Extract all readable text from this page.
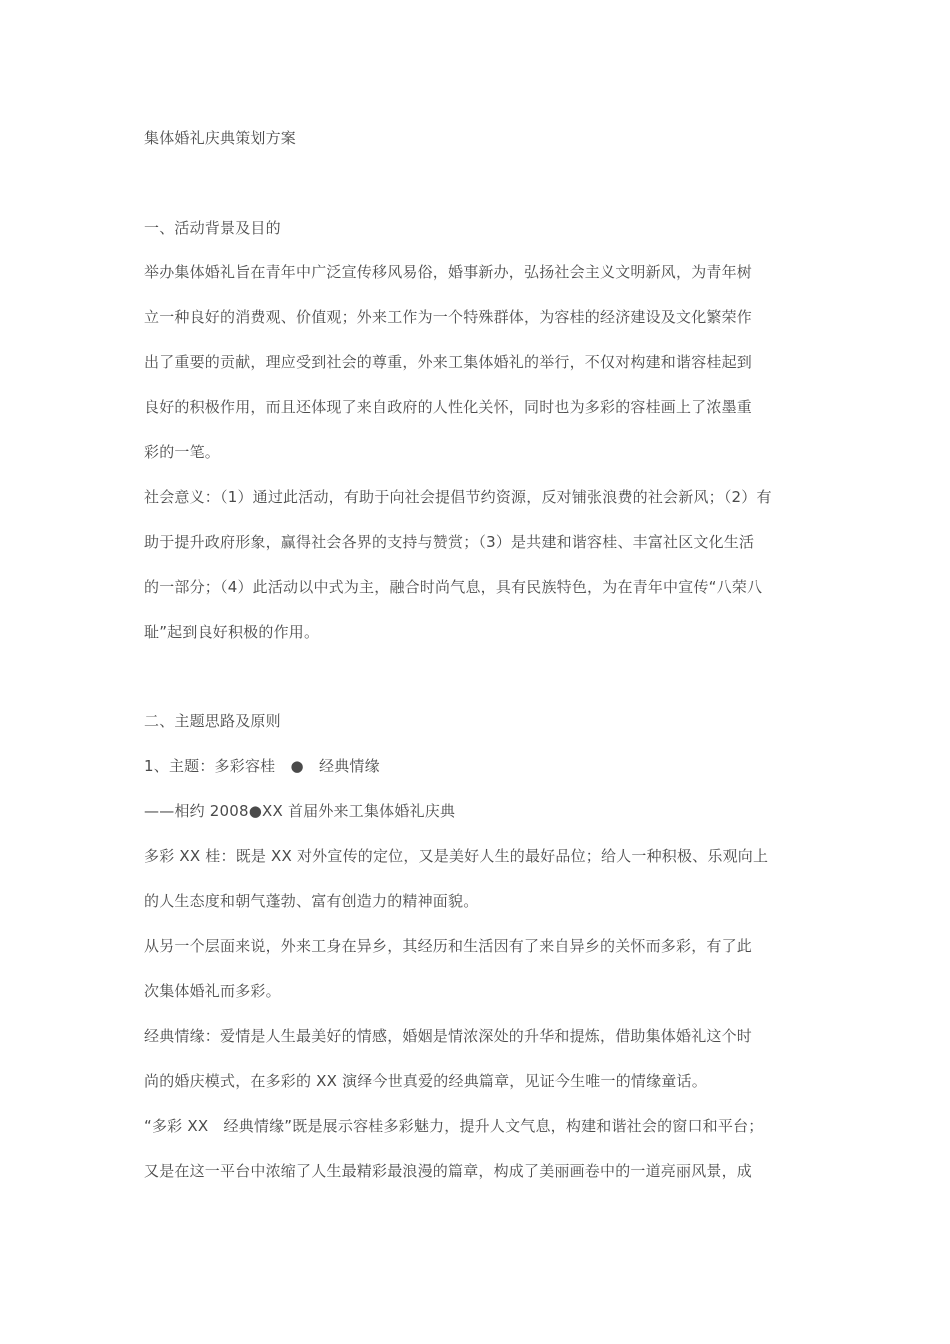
集体婚礼庆典策划方案
一、活动背景及目的
举办集体婚礼旨在青年中广泛宣传移风易俗，婚事新办，弘扬社会主义文明新风，为青年树
立一种良好的消费观、价值观；外来工作为一个特殊群体，为容桂的经济建设及文化繁荣作
出了重要的贡献，理应受到社会的尊重，外来工集体婚礼的举行，不仅对构建和谐容桂起到
良好的积极作用，而且还体现了来自政府的人性化关怀，同时也为多彩的容桂画上了浓墨重
彩的一笔。
社会意义：（1）通过此活动，有助于向社会提倡节约资源，反对铺张浪费的社会新风；（2）有
助于提升政府形象，赢得社会各界的支持与赞赏；（3）是共建和谐容桂、丰富社区文化生活
的一部分；（4）此活动以中式为主，融合时尚气息，具有民族特色，为在青年中宣传“八荣八
耻”起到良好积极的作用。
二、主题思路及原则
1、主题：多彩容桂　●　经典情缘
——相约 2008●XX 首届外来工集体婚礼庆典
多彩 XX 桂：既是 XX 对外宣传的定位，又是美好人生的最好品位；给人一种积极、乐观向上
的人生态度和朝气蓬勃、富有创造力的精神面貌。
从另一个层面来说，外来工身在异乡，其经历和生活因有了来自异乡的关怀而多彩，有了此
次集体婚礼而多彩。
经典情缘：爱情是人生最美好的情感，婚姻是情浓深处的升华和提炼，借助集体婚礼这个时
尚的婚庆模式，在多彩的 XX 演绎今世真爱的经典篇章，见证今生唯一的情缘童话。
“多彩 XX　经典情缘”既是展示容桂多彩魅力，提升人文气息，构建和谐社会的窗口和平台；
又是在这一平台中浓缩了人生最精彩最浪漫的篇章，构成了美丽画卷中的一道亮丽风景，成
